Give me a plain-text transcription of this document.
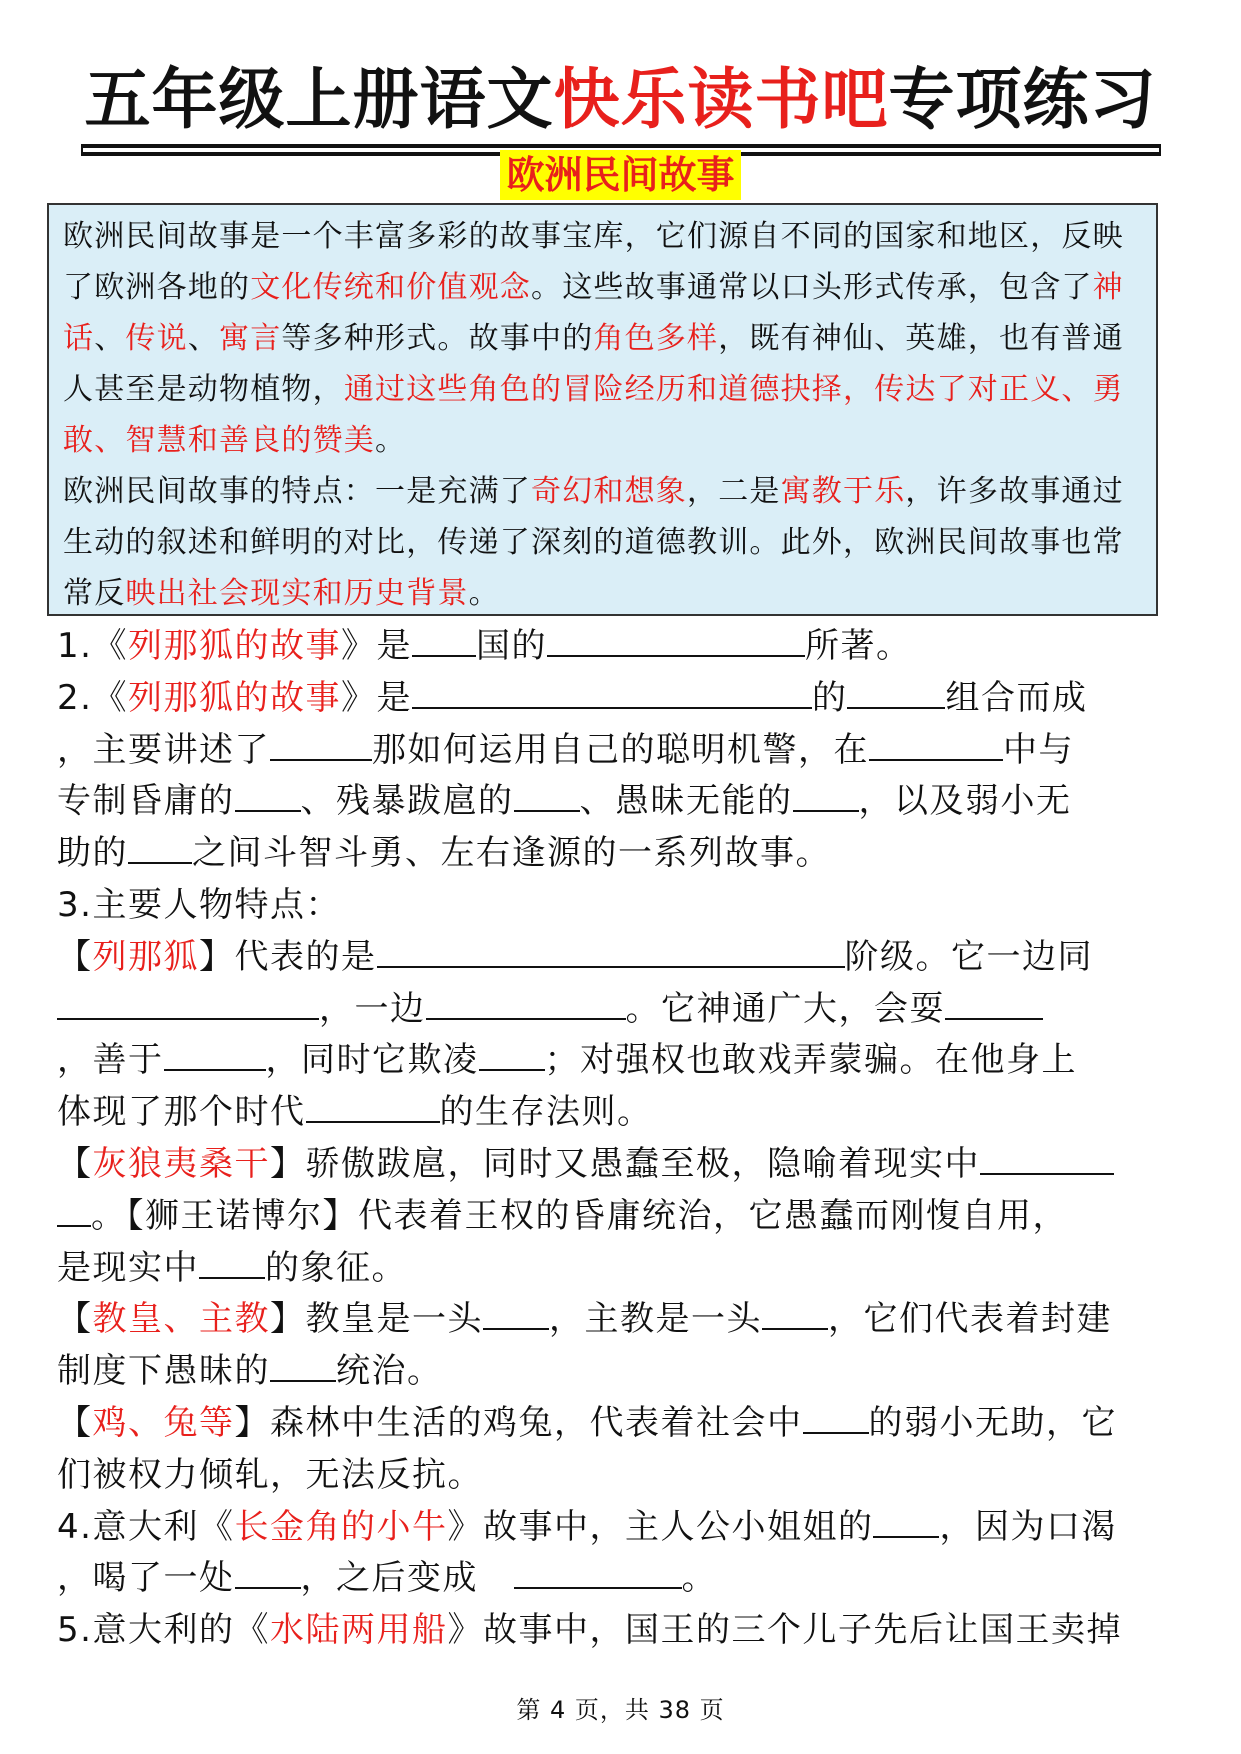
五年级上册语文快乐读书吧专项练习
欧洲民间故事

欧洲民间故事是一个丰富多彩的故事宝库，它们源自不同的国家和地区，反映了欧洲各地的文化传统和价值观念。这些故事通常以口头形式传承，包含了神话、传说、寓言等多种形式。故事中的角色多样，既有神仙、英雄，也有普通人甚至是动物植物，通过这些角色的冒险经历和道德抉择，传达了对正义、勇敢、智慧和善良的赞美。

欧洲民间故事的特点：一是充满了奇幻和想象，二是寓教于乐，许多故事通过生动的叙述和鲜明的对比，传递了深刻的道德教训。此外，欧洲民间故事也常常反映出社会现实和历史背景。

1.《列那狐的故事》是 国的	所著。

2.《列那狐的故事》是	的	组合而成

，主要讲述了	那如何运用自己的聪明机警，在	中与

专制昏庸的 、残暴跋扈的 、愚昧无能的 ，以及弱小无

助的 之间斗智斗勇、左右逢源的一系列故事。

3.主要人物特点：

【列那狐】代表的是	阶级。它一边同

，一边	。它神通广大，会耍

，善于	，同时它欺凌 ；对强权也敢戏弄蒙骗。在他身上

体现了那个时代	的生存法则。

【灰狼夷桑干】骄傲跋扈，同时又愚蠢至极，隐喻着现实中

。【狮王诺博尔】代表着王权的昏庸统治，它愚蠢而刚愎自用，

是现实中 的象征。

【教皇、主教】教皇是一头 ，主教是一头 ，它们代表着封建

制度下愚昧的 统治。

【鸡、兔等】森林中生活的鸡兔，代表着社会中 的弱小无助，它

们被权力倾轧，无法反抗。

4.意大利《长金角的小牛》故事中，主人公小姐姐的 ，因为口渴

，喝了一处 ，之后变成　	。

5.意大利的《水陆两用船》故事中，国王的三个儿子先后让国王卖掉

第 4 页，共 38 页
